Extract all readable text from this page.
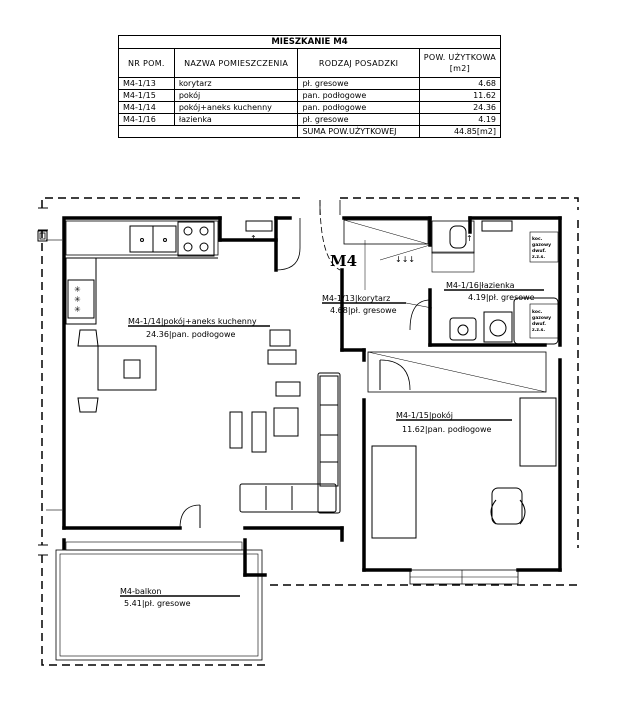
MIESZKANIE M4			
NR POM.	NAZWA POMIESZCZENIA	RODZAJ POSADZKI	POW. UŻYTKOWA
[m2]
M4-1/13	korytarz	pł. gresowe	4.68
M4-1/15	pokój	pan. podłogowe	11.62
M4-1/14	pokój+aneks kuchenny	pan. podłogowe	24.36
M4-1/16	łazienka	pł. gresowe	4.19
		SUMA POW.UŻYTKOWEJ	44.85[m2]
✳
✳
✳
M4	↓↓↓
↑	↑
M4-1/14|pokój+aneks kuchenny
24.36|pan. podłogowe
M4-1/13|korytarz
4.68|pł. gresowe
M4-1/16|łazienka
4.19|pł. gresowe
M4-1/15|pokój
11.62|pan. podłogowe
M4-balkon
5.41|pł. gresowe
koc.
gazowy
dwuf.
z.z.s.
koc.
gazowy
dwuf.
z.z.s.
